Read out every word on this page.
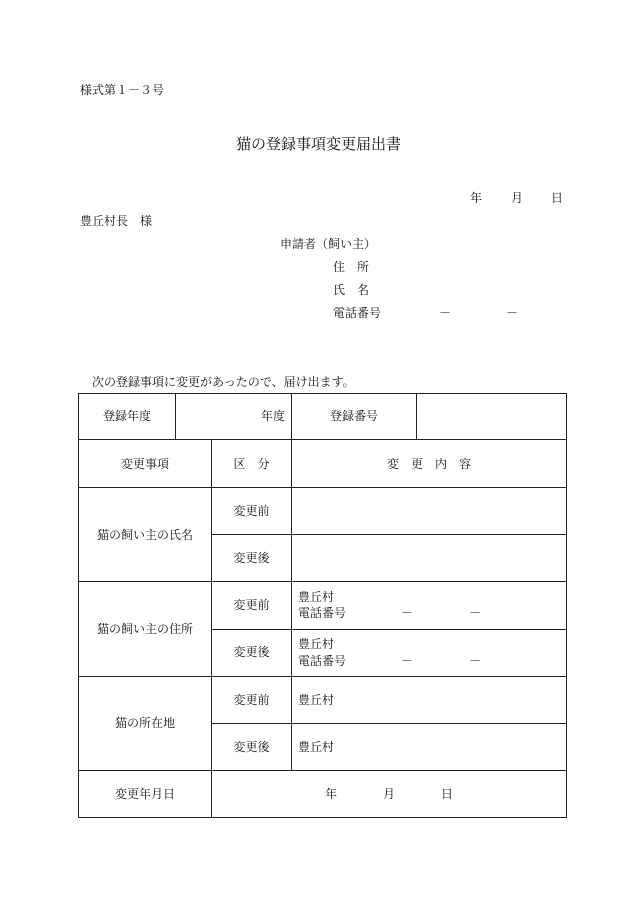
様式第１－３号
猫の登録事項変更届出書
年 月 日
豊丘村長　様
申請者（飼い主）
住　所
氏　名
電話番号	－	－
次の登録事項に変更があったので、届け出ます。
登録年度	年度		登録番号	
変更事項		区　分	変　更　内　容	
猫の飼い主の氏名		変更前		
		変更後		
猫の飼い主の住所		変更前	豊丘村
電話番号 － －	

		変更後	豊丘村
電話番号 － －	

猫の所在地		変更前	豊丘村	
		変更後	豊丘村	
変更年月日		年 月 日		
